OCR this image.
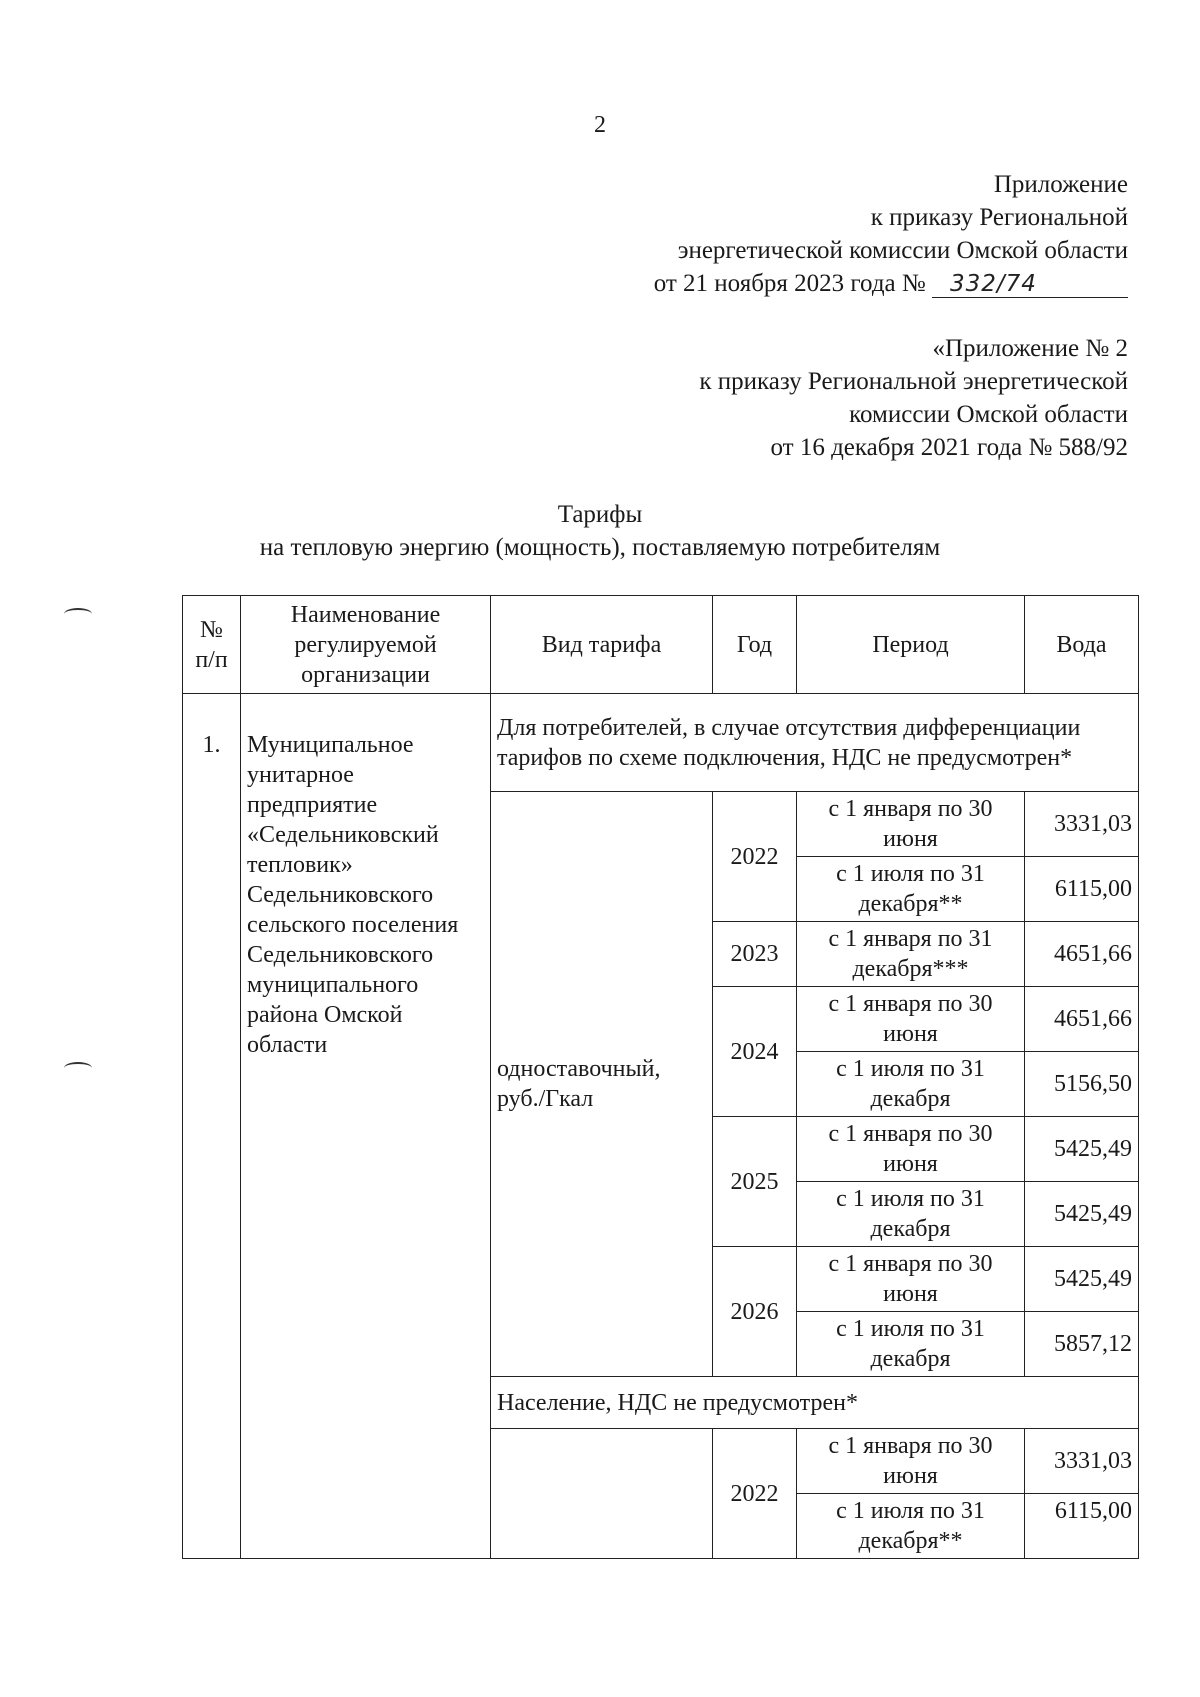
2
Приложение
к приказу Региональной
энергетической комиссии Омской области
от 21 ноября 2023 года № 332/74
«Приложение № 2
к приказу Региональной энергетической
комиссии Омской области
от 16 декабря 2021 года № 588/92
Тарифы
на тепловую энергию (мощность), поставляемую потребителям
№ п/п	Наименование регулируемой организации	Вид тарифа	Год	Период	Вода
1.	Муниципальное унитарное предприятие «Седельниковский тепловик» Седельниковского сельского поселения Седельниковского муниципального района Омской области	Для потребителей, в случае отсутствия дифференциации тарифов по схеме подключения, НДС не предусмотрен*			
		одноставочный, руб./Гкал	2022	с 1 января по 30 июня	3331,03
				с 1 июля по 31 декабря**	6115,00
			2023	с 1 января по 31 декабря***	4651,66
			2024	с 1 января по 30 июня	4651,66
				с 1 июля по 31 декабря	5156,50
			2025	с 1 января по 30 июня	5425,49
				с 1 июля по 31 декабря	5425,49
			2026	с 1 января по 30 июня	5425,49
				с 1 июля по 31 декабря	5857,12
		Население, НДС не предусмотрен*			
			2022	с 1 января по 30 июня	3331,03
				с 1 июля по 31 декабря**	6115,00
